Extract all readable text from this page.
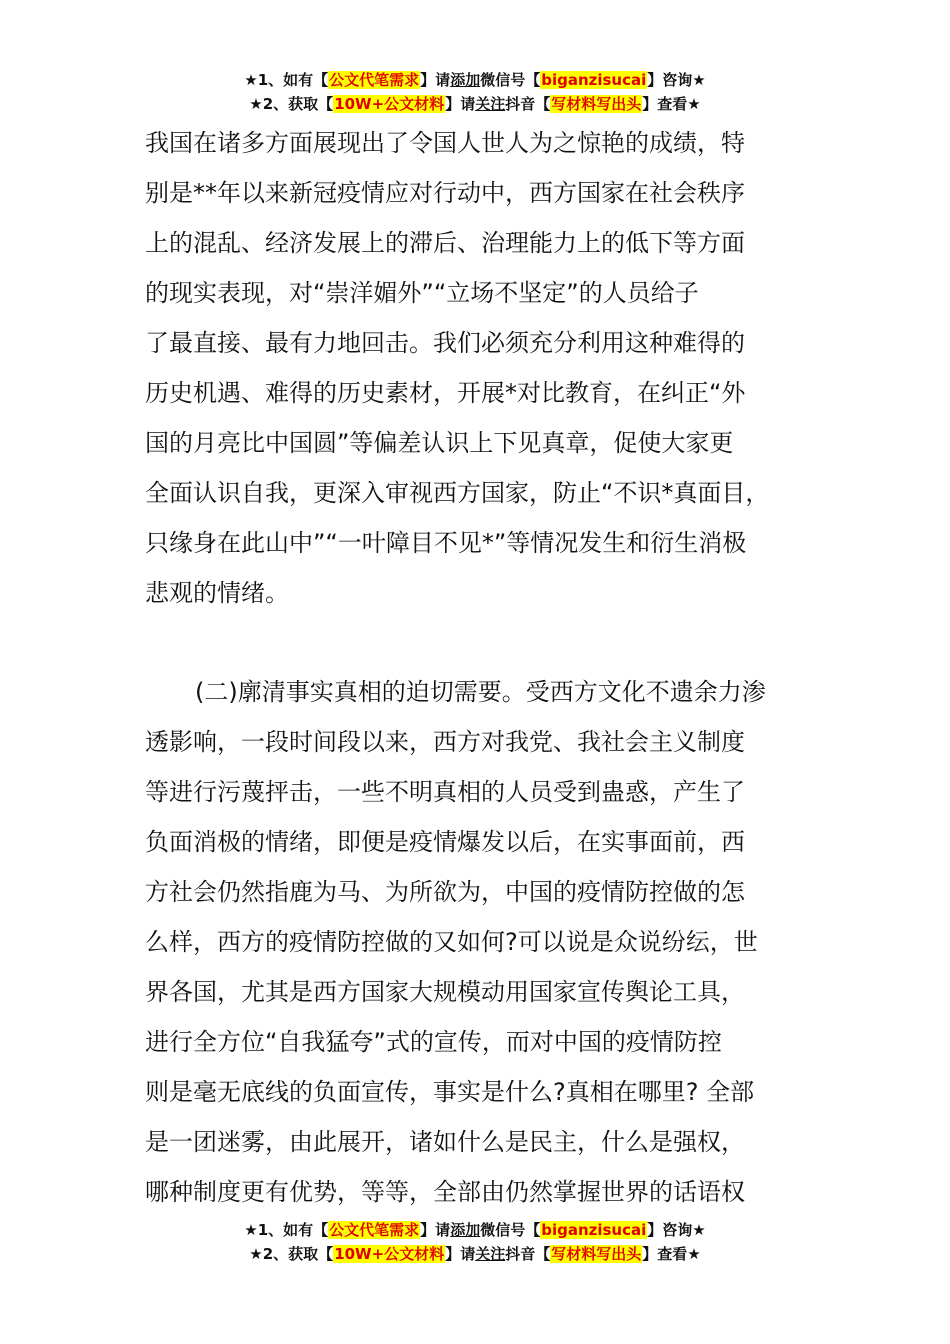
★1、如有【公文代笔需求】请添加微信号【biganzisucai】咨询★
★2、获取【10W+公文材料】请关注抖音【写材料写出头】查看★
我国在诸多方面展现出了令国人世人为之惊艳的成绩，特
别是**年以来新冠疫情应对行动中，西方国家在社会秩序
上的混乱、经济发展上的滞后、治理能力上的低下等方面
的现实表现，对“崇洋媚外”“立场不坚定”的人员给子
了最直接、最有力地回击。我们必须充分利用这种难得的
历史机遇、难得的历史素材，开展*对比教育，在纠正“外
国的月亮比中国圆”等偏差认识上下见真章，促使大家更
全面认识自我，更深入审视西方国家，防止“不识*真面目，
只缘身在此山中”“一叶障目不见*”等情况发生和衍生消极
悲观的情绪。
(二)廓清事实真相的迫切需要。受西方文化不遗余力渗
透影响，一段时间段以来，西方对我党、我社会主义制度
等进行污蔑抨击，一些不明真相的人员受到蛊惑，产生了
负面消极的情绪，即便是疫情爆发以后，在实事面前，西
方社会仍然指鹿为马、为所欲为，中国的疫情防控做的怎
么样，西方的疫情防控做的又如何?可以说是众说纷纭，世
界各国，尤其是西方国家大规模动用国家宣传舆论工具，
进行全方位“自我猛夸”式的宣传，而对中国的疫情防控
则是毫无底线的负面宣传，事实是什么?真相在哪里? 全部
是一团迷雾，由此展开，诸如什么是民主，什么是强权，
哪种制度更有优势，等等，全部由仍然掌握世界的话语权
★1、如有【公文代笔需求】请添加微信号【biganzisucai】咨询★
★2、获取【10W+公文材料】请关注抖音【写材料写出头】查看★
